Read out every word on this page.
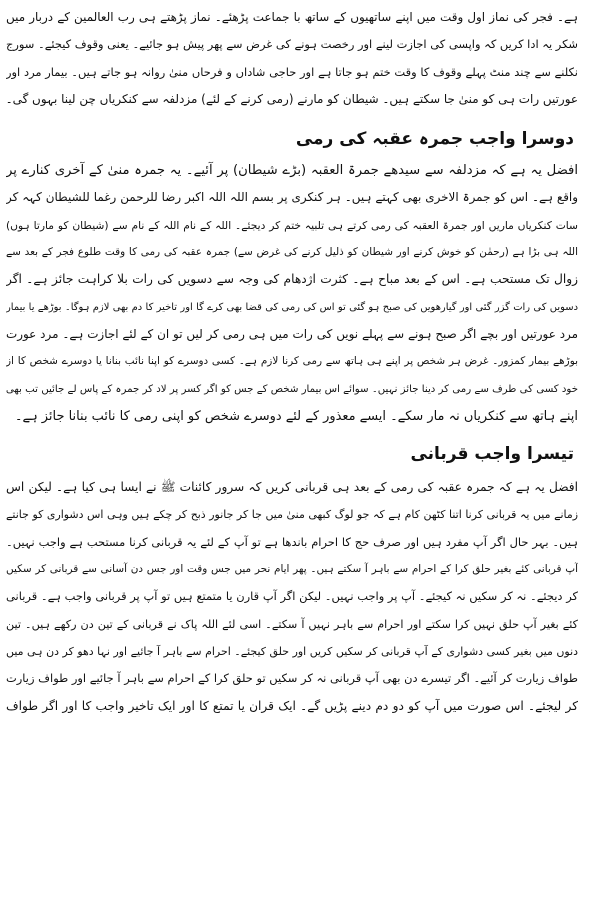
ہے۔ فجر کی نماز اول وقت میں اپنے ساتھیوں کے ساتھ با جماعت پڑھئے۔ نماز پڑھتے ہی رب العالمین کے دربار میں
شکر یہ ادا کریں کہ واپسی کی اجازت لینے اور رخصت ہونے کی غرض سے پھر پیش ہو جائیے۔ یعنی وقوف کیجئے۔ سورج
نکلنے سے چند منٹ پہلے وقوف کا وقت ختم ہو جاتا ہے اور حاجی شاداں و فرحاں منیٰ روانہ ہو جاتے ہیں۔ بیمار مرد اور
عورتیں رات ہی کو منیٰ جا سکتے ہیں۔ شیطان کو مارنے (رمی کرنے کے لئے) مزدلفہ سے کنکریاں چن لینا بہوں گی۔
دوسرا واجب جمرہ عقبہ کی رمی
افضل یہ ہے کہ مزدلفہ سے سیدھے جمرۃ العقبہ (بڑے شیطان) پر آئیے۔ یہ جمرہ منیٰ کے آخری کنارے پر
واقع ہے۔ اس کو جمرۃ الاخری بھی کہتے ہیں۔ ہر کنکری پر بسم اللہ اللہ اکبر رضا للرحمن رغما للشیطان کہہ کر
سات کنکریاں ماریں اور جمرۃ العقبہ کی رمی کرتے ہی تلبیہ ختم کر دیجئے۔ اللہ کے نام اللہ کے نام سے (شیطان کو مارتا ہوں)
اللہ ہی بڑا ہے (رحمٰن کو خوش کرنے اور شیطان کو ذلیل کرنے کی غرض سے) جمرہ عقبہ کی رمی کا وقت طلوع فجر کے بعد سے
زوال تک مستحب ہے۔ اس کے بعد مباح ہے۔ کثرت اژدھام کی وجہ سے دسویں کی رات بلا کراہت جائز ہے۔ اگر
دسویں کی رات گزر گئی اور گیارھویں کی صبح ہو گئی تو اس کی رمی کی قضا بھی کرے گا اور تاخیر کا دم بھی لازم ہوگا۔ بوڑھے یا بیمار
مرد عورتیں اور بچے اگر صبح ہونے سے پہلے نویں کی رات میں ہی رمی کر لیں تو ان کے لئے اجازت ہے۔ مرد عورت
بوڑھے بیمار کمزور۔ غرض ہر شخص پر اپنے ہی ہاتھ سے رمی کرنا لازم ہے۔ کسی دوسرے کو اپنا نائب بنانا یا دوسرے شخص کا از
خود کسی کی طرف سے رمی کر دینا جائز نہیں۔ سوائے اس بیمار شخص کے جس کو اگر کسر پر لاد کر جمرہ کے پاس لے جائیں تب بھی
اپنے ہاتھ سے کنکریاں نہ مار سکے۔ ایسے معذور کے لئے دوسرے شخص کو اپنی رمی کا نائب بنانا جائز ہے۔
تیسرا واجب قربانی
افضل یہ ہے کہ جمرہ عقبہ کی رمی کے بعد ہی قربانی کریں کہ سرور کائنات ﷺ نے ایسا ہی کیا ہے۔ لیکن اس
زمانے میں یہ قربانی کرنا اتنا کٹھن کام ہے کہ جو لوگ کبھی منیٰ میں جا کر جانور ذبح کر چکے ہیں وہی اس دشواری کو جانتے
ہیں۔ بہر حال اگر آپ مفرد ہیں اور صرف حج کا احرام باندھا ہے تو آپ کے لئے یہ قربانی کرنا مستحب ہے واجب نہیں۔
آپ قربانی کئے بغیر حلق کرا کے احرام سے باہر آ سکتے ہیں۔ پھر ایام نحر میں جس وقت اور جس دن آسانی سے قربانی کر سکیں
کر دیجئے۔ نہ کر سکیں نہ کیجئے۔ آپ پر واجب نہیں۔ لیکن اگر آپ قارن یا متمتع ہیں تو آپ پر قربانی واجب ہے۔ قربانی
کئے بغیر آپ حلق نہیں کرا سکتے اور احرام سے باہر نہیں آ سکتے۔ اسی لئے اللہ پاک نے قربانی کے تین دن رکھے ہیں۔ تین
دنوں میں بغیر کسی دشواری کے آپ قربانی کر سکیں کریں اور حلق کیجئے۔ احرام سے باہر آ جائیے اور نہا دھو کر دن ہی میں
طواف زیارت کر آئیے۔ اگر تیسرے دن بھی آپ قربانی نہ کر سکیں تو حلق کرا کے احرام سے باہر آ جائیے اور طواف زیارت
کر لیجئے۔ اس صورت میں آپ کو دو دم دینے پڑیں گے۔ ایک قران یا تمتع کا اور ایک تاخیر واجب کا اور اگر طواف
